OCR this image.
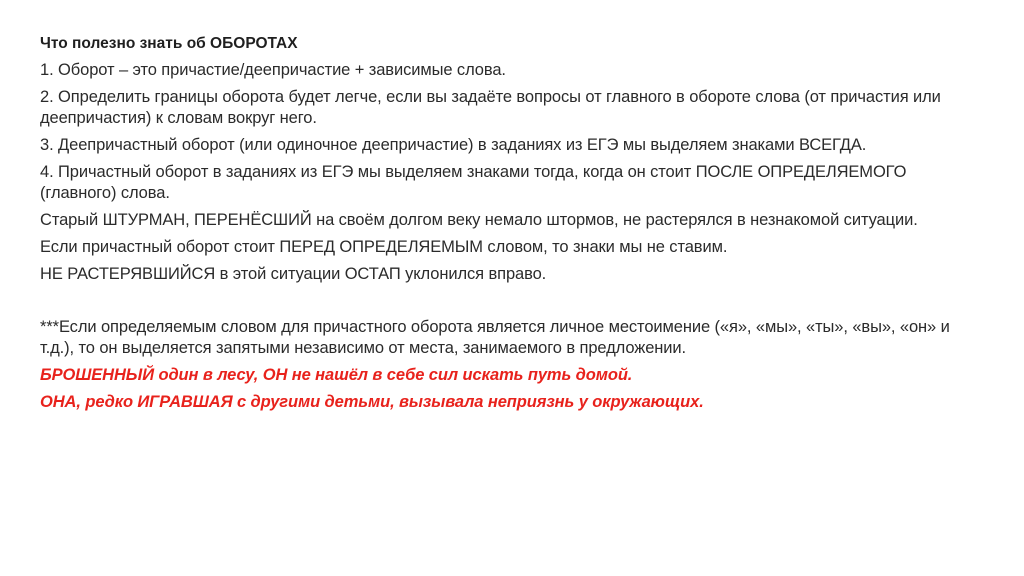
Что полезно знать об ОБОРОТАХ
1. Оборот – это причастие/деепричастие + зависимые слова.
2. Определить границы оборота будет легче, если вы задаёте вопросы от главного в обороте слова (от причастия или деепричастия) к словам вокруг него.
3. Деепричастный оборот (или одиночное деепричастие) в заданиях из ЕГЭ мы выделяем знаками ВСЕГДА.
4. Причастный оборот в заданиях из ЕГЭ мы выделяем знаками тогда, когда он стоит ПОСЛЕ ОПРЕДЕЛЯЕМОГО (главного) слова.
Старый ШТУРМАН, ПЕРЕНЁСШИЙ на своём долгом веку немало штормов, не растерялся в незнакомой ситуации.
Если причастный оборот стоит ПЕРЕД ОПРЕДЕЛЯЕМЫМ словом, то знаки мы не ставим.
НЕ РАСТЕРЯВШИЙСЯ в этой ситуации ОСТАП уклонился вправо.
***Если определяемым словом для причастного оборота является личное местоимение («я», «мы», «ты», «вы», «он» и т.д.), то он выделяется запятыми независимо от места, занимаемого в предложении.
БРОШЕННЫЙ один в лесу, ОН не нашёл в себе сил искать путь домой.
ОНА, редко ИГРАВШАЯ с другими детьми, вызывала неприязнь у окружающих.
